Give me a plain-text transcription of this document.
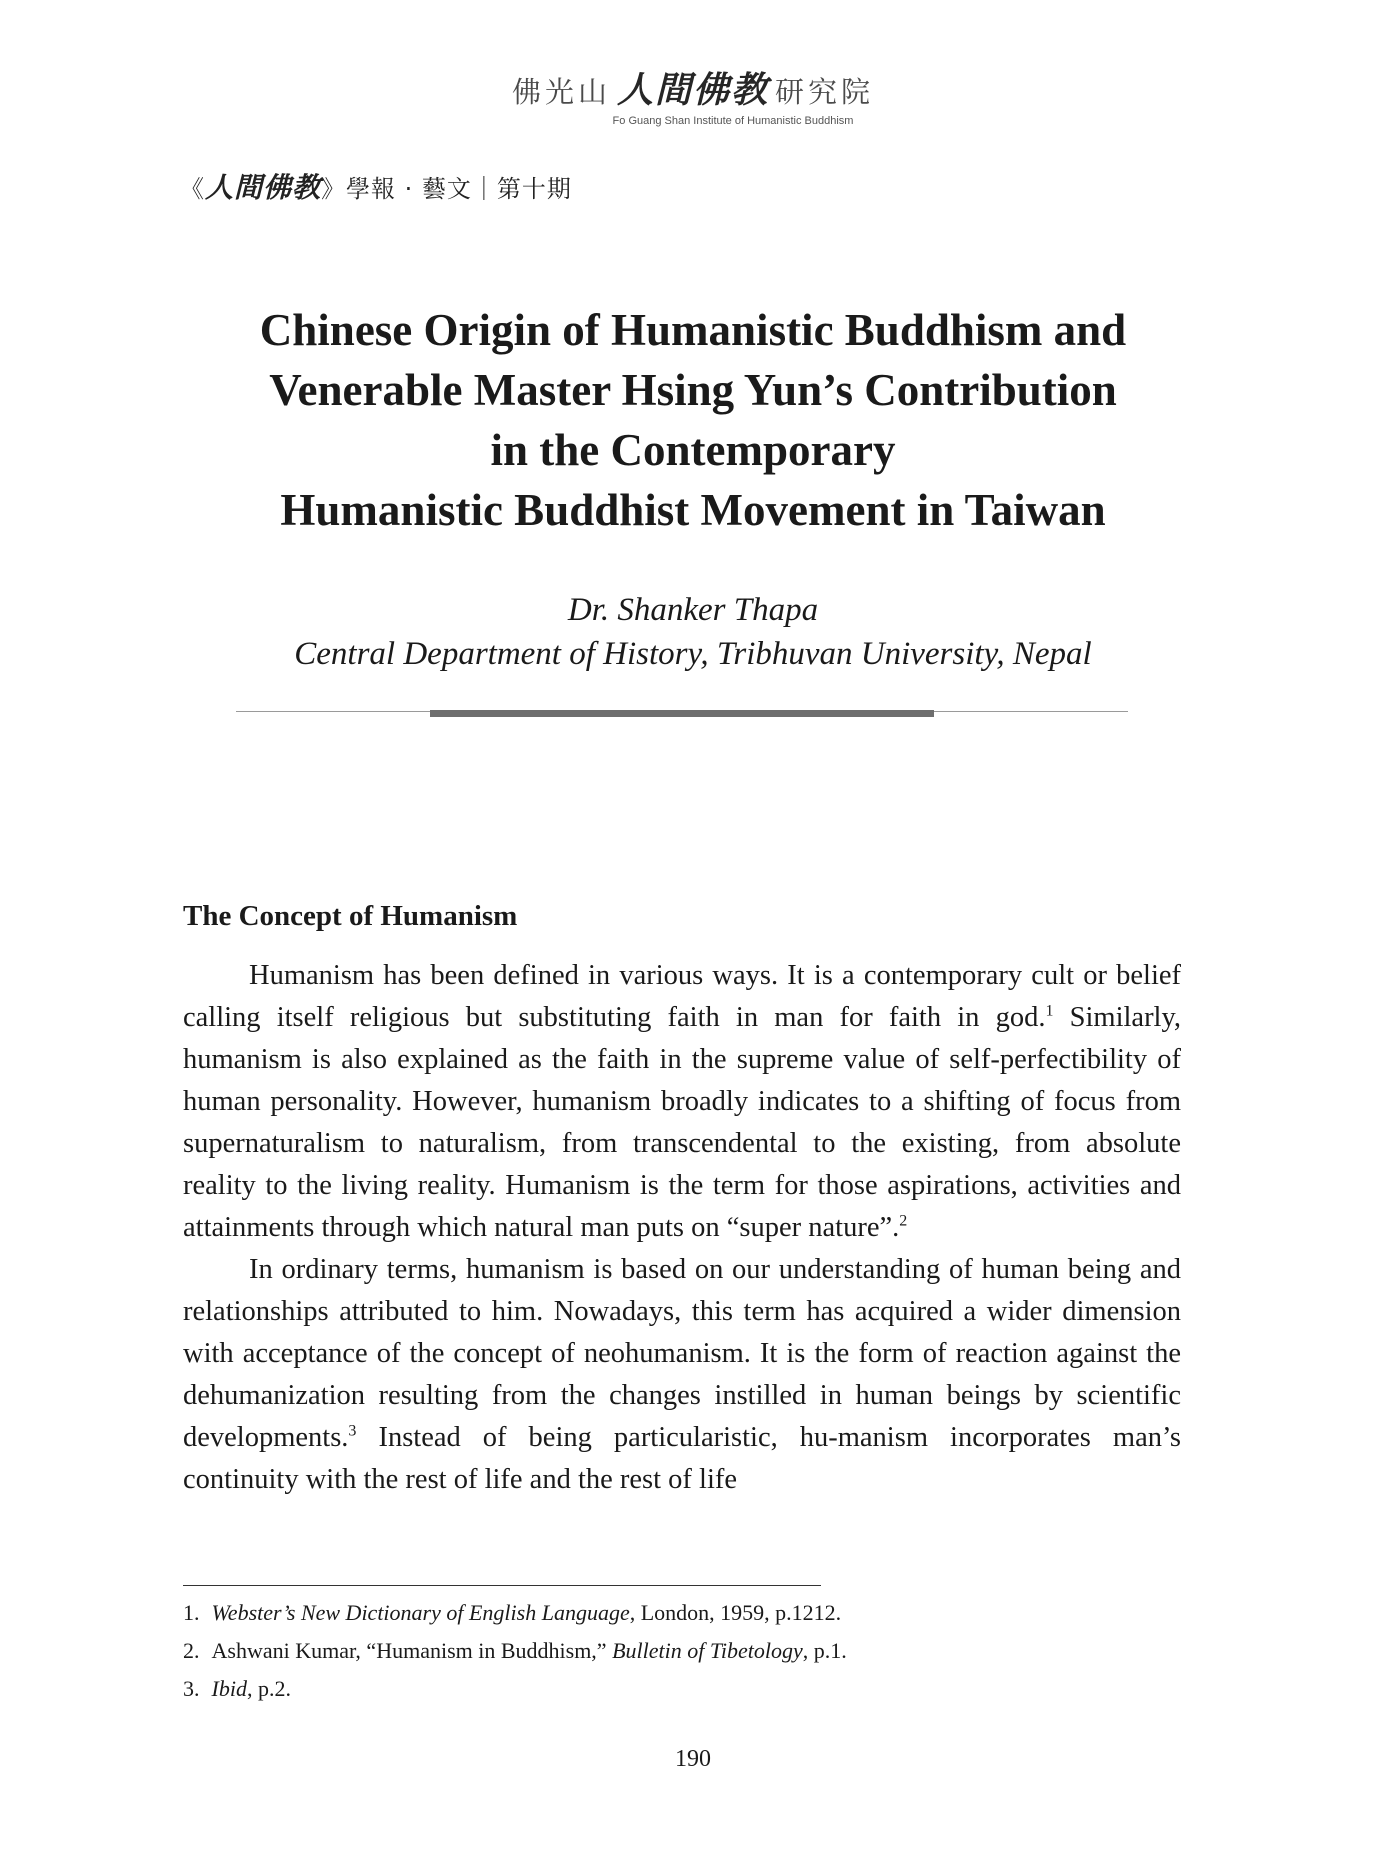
佛光山 人間佛教 研究院
Fo Guang Shan Institute of Humanistic Buddhism
《人間佛教》學報 · 藝文｜第十期
Chinese Origin of Humanistic Buddhism and
Venerable Master Hsing Yun’s Contribution
in the Contemporary
Humanistic Buddhist Movement in Taiwan
Dr. Shanker Thapa
Central Department of History, Tribhuvan University, Nepal
The Concept of Humanism

Humanism has been defined in various ways. It is a contemporary cult or belief calling itself religious but substituting faith in man for faith in god.$^1$ Similarly, humanism is also explained as the faith in the supreme value of self-perfectibility of human personality. However, humanism broadly indicates to a shifting of focus from supernaturalism to naturalism, from transcendental to the existing, from absolute reality to the living reality. Humanism is the term for those aspirations, activities and attainments through which natural man puts on “super nature”.$^2$

In ordinary terms, humanism is based on our understanding of human being and relationships attributed to him. Nowadays, this term has acquired a wider dimension with acceptance of the concept of neohumanism. It is the form of reaction against the dehumanization resulting from the changes instilled in human beings by scientific developments.$^3$ Instead of being particularistic, hu-manism incorporates man’s continuity with the rest of life and the rest of life

1. Webster’s New Dictionary of English Language, London, 1959, p.1212.
2. Ashwani Kumar, “Humanism in Buddhism,” Bulletin of Tibetology, p.1.
3. Ibid, p.2.
190
